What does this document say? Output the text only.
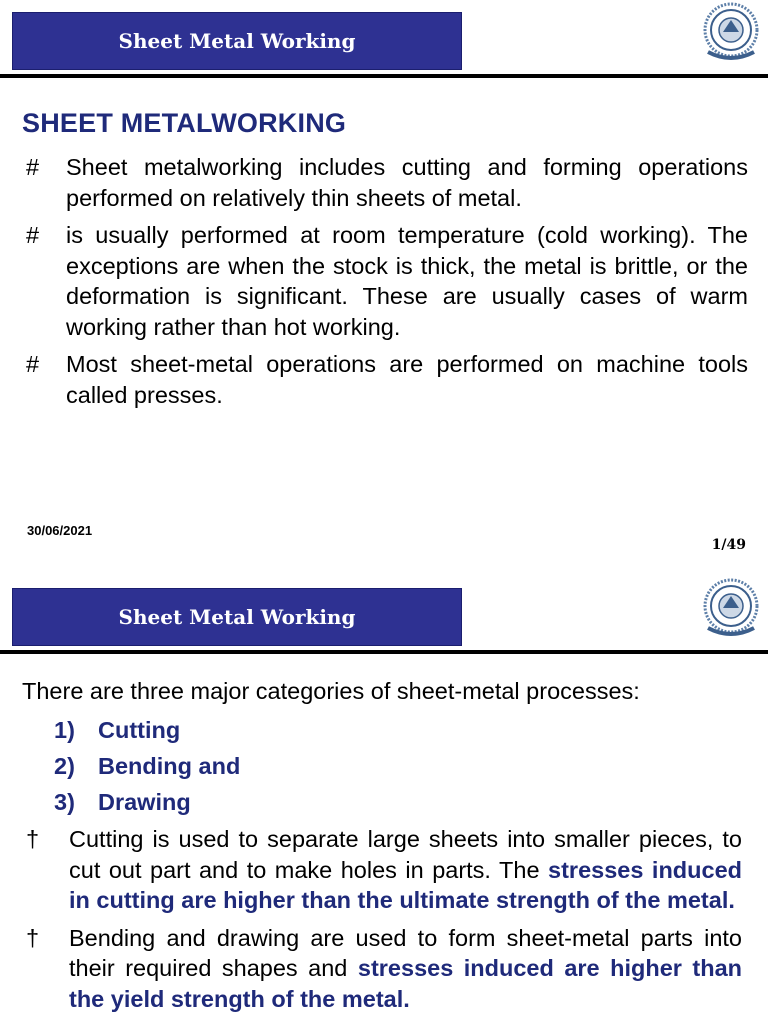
Sheet Metal Working
SHEET METALWORKING
#	Sheet metalworking includes cutting and forming operations performed on relatively thin sheets of metal.
#	is usually performed at room temperature (cold working). The exceptions are when the stock is thick, the metal is brittle, or the deformation is significant. These are usually cases of warm working rather than hot working.
#	Most sheet-metal operations are performed on machine tools called presses.
30/06/2021
1/49
Sheet Metal Working
There are three major categories of sheet-metal processes:
1) Cutting
2) Bending and
3) Drawing
†	Cutting is used to separate large sheets into smaller pieces, to cut out part and to make holes in parts. The stresses induced in cutting are higher than the ultimate strength of the metal.
†	Bending and drawing are used to form sheet-metal parts into their required shapes and stresses induced are higher than the yield strength of the metal.
